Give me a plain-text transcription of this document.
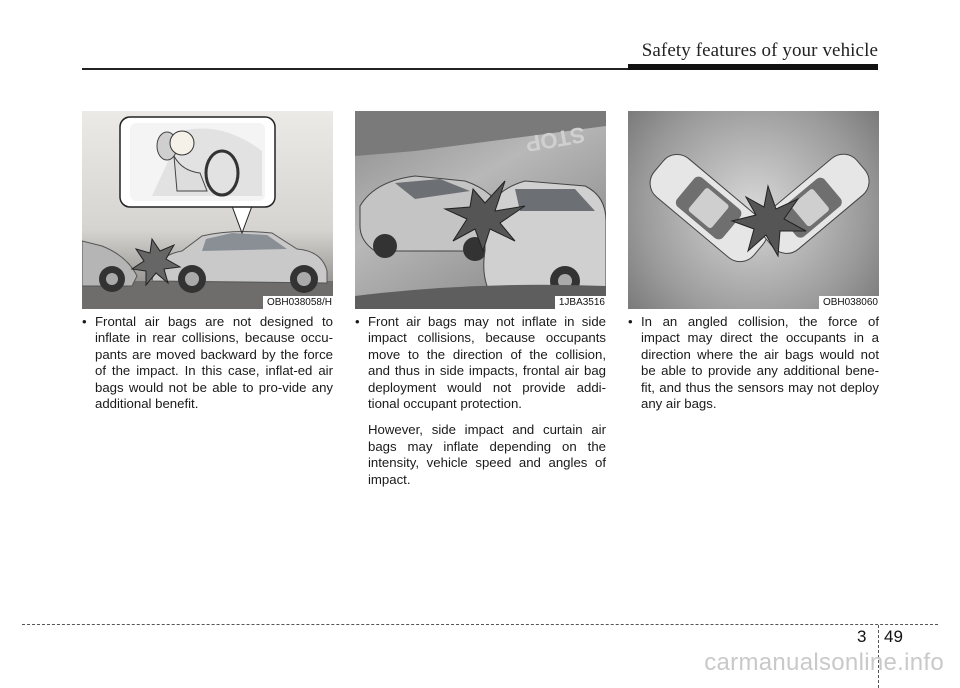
Safety features of your vehicle
OBH038058/H
STOP
1JBA3516	OBH038060
• Frontal air bags are not designed to inflate in rear collisions, because occu-pants are moved backward by the force of the impact. In this case, inflat-ed air bags would not be able to pro-vide any additional benefit.
• Front air bags may not inflate in side impact collisions, because occupants move to the direction of the collision, and thus in side impacts, frontal air bag deployment would not provide addi-tional occupant protection.
However, side impact and curtain air bags may inflate depending on the intensity, vehicle speed and angles of impact.
• In an angled collision, the force of impact may direct the occupants in a direction where the air bags would not be able to provide any additional bene-fit, and thus the sensors may not deploy any air bags.
3 49
carmanualsonline.info
